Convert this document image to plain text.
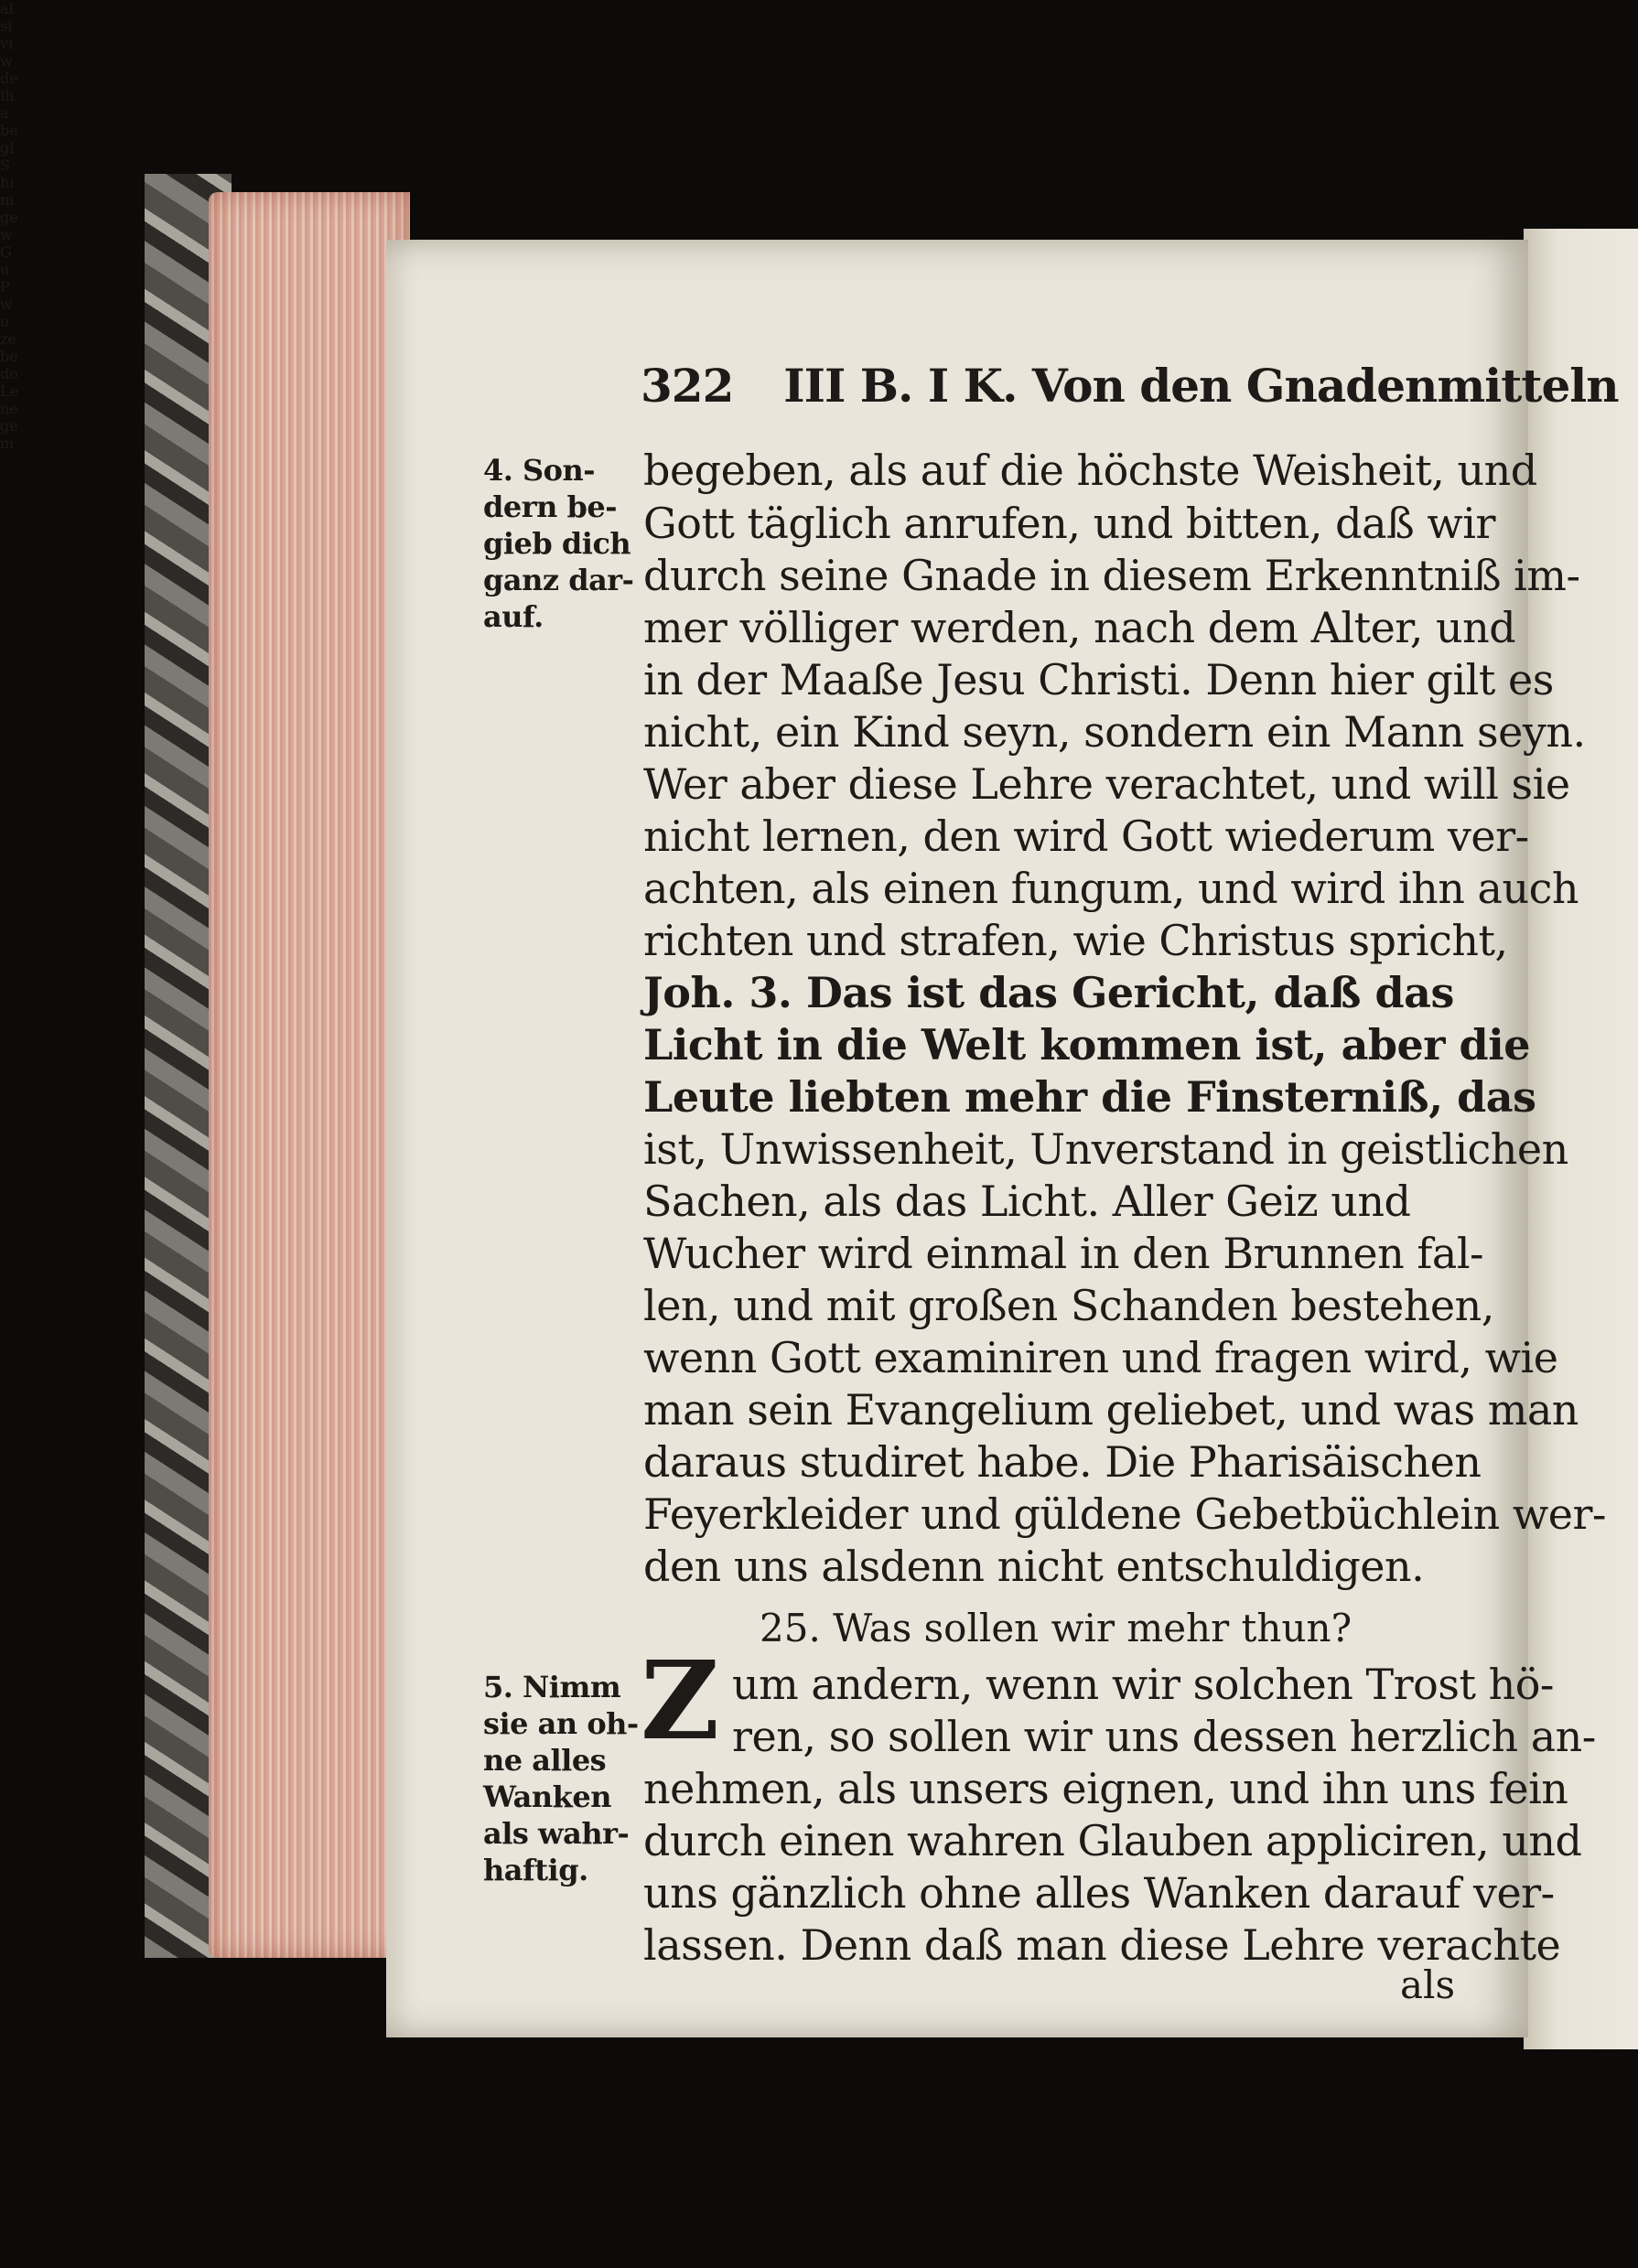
322 III B. I K. Von den Gnadenmitteln
4. Son-
dern be-
gieb dich
ganz dar-
auf.
begeben, als auf die höchste Weisheit, und
Gott täglich anrufen, und bitten, daß wir
durch seine Gnade in diesem Erkenntniß im-
mer völliger werden, nach dem Alter, und
in der Maaße Jesu Christi. Denn hier gilt es
nicht, ein Kind seyn, sondern ein Mann seyn.
Wer aber diese Lehre verachtet, und will sie
nicht lernen, den wird Gott wiederum ver-
achten, als einen fungum, und wird ihn auch
richten und strafen, wie Christus spricht,
Joh. 3. Das ist das Gericht, daß das
Licht in die Welt kommen ist, aber die
Leute liebten mehr die Finsterniß, das
ist, Unwissenheit, Unverstand in geistlichen
Sachen, als das Licht. Aller Geiz und
Wucher wird einmal in den Brunnen fal-
len, und mit großen Schanden bestehen,
wenn Gott examiniren und fragen wird, wie
man sein Evangelium geliebet, und was man
daraus studiret habe. Die Pharisäischen
Feyerkleider und güldene Gebetbüchlein wer-
den uns alsdenn nicht entschuldigen.
25. Was sollen wir mehr thun?
5. Nimm
sie an oh-
ne alles
Wanken
als wahr-
haftig.
Z um andern, wenn wir solchen Trost hö-
ren, so sollen wir uns dessen herzlich an-
nehmen, als unsers eignen, und ihn uns fein
durch einen wahren Glauben appliciren, und
uns gänzlich ohne alles Wanken darauf ver-
lassen. Denn daß man diese Lehre verachte
als
al
si
vi
w
de
ih
a
be
gl
S
hi
m
ge
w
G
u
P
w
u
ze
be
do
Le
ne
ge
m
